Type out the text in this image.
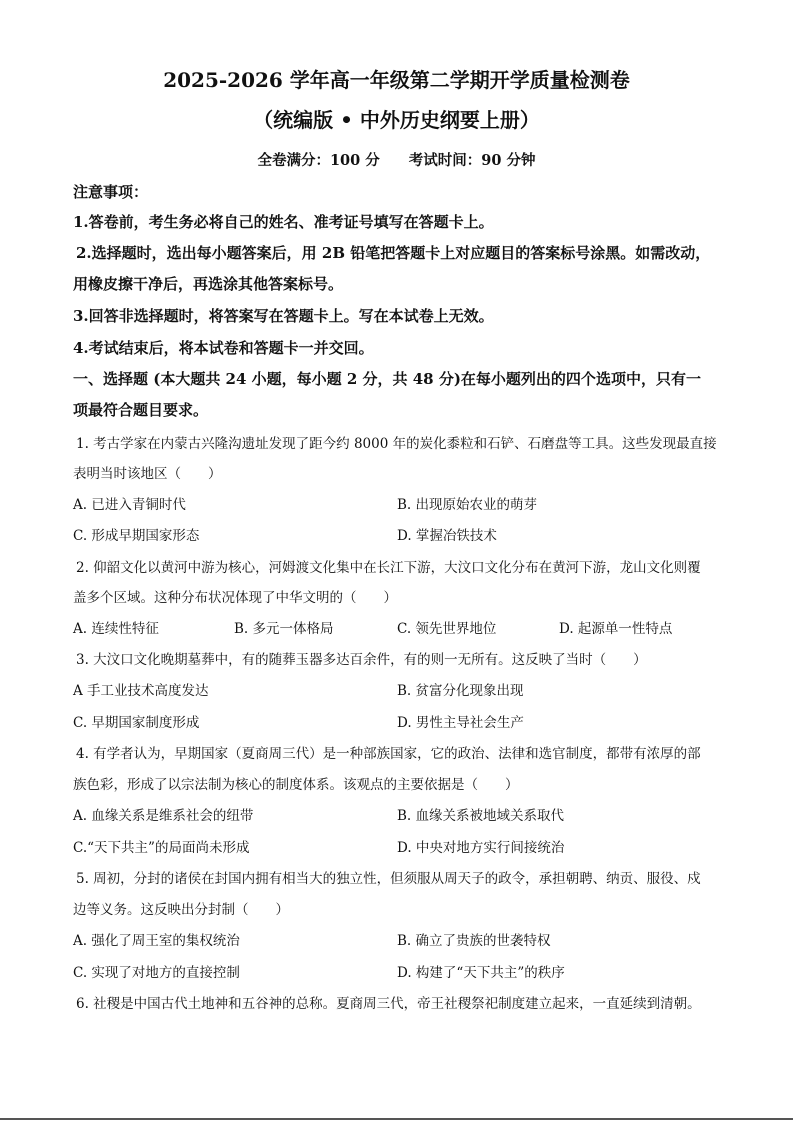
2025-2026 学年高一年级第二学期开学质量检测卷
（统编版 • 中外历史纲要上册）
全卷满分：100 分　　考试时间：90 分钟
注意事项：
1.答卷前，考生务必将自己的姓名、准考证号填写在答题卡上。
2.选择题时，选出每小题答案后，用 2B 铅笔把答题卡上对应题目的答案标号涂黑。如需改动，
用橡皮擦干净后，再选涂其他答案标号。
3.回答非选择题时，将答案写在答题卡上。写在本试卷上无效。
4.考试结束后，将本试卷和答题卡一并交回。
一、选择题 (本大题共 24 小题，每小题 2 分，共 48 分)在每小题列出的四个选项中，只有一
项最符合题目要求。
1. 考古学家在内蒙古兴隆沟遗址发现了距今约 8000 年的炭化黍粒和石铲、石磨盘等工具。这些发现最直接
表明当时该地区（　　）
A. 已进入青铜时代	B. 出现原始农业的萌芽
C. 形成早期国家形态	D. 掌握冶铁技术
2. 仰韶文化以黄河中游为核心，河姆渡文化集中在长江下游，大汶口文化分布在黄河下游，龙山文化则覆
盖多个区域。这种分布状况体现了中华文明的（　　）
A. 连续性特征	B. 多元一体格局	C. 领先世界地位	D. 起源单一性特点
3. 大汶口文化晚期墓葬中，有的随葬玉器多达百余件，有的则一无所有。这反映了当时（　　）
A 手工业技术高度发达	B. 贫富分化现象出现
C. 早期国家制度形成	D. 男性主导社会生产
4. 有学者认为，早期国家（夏商周三代）是一种部族国家，它的政治、法律和选官制度，都带有浓厚的部
族色彩，形成了以宗法制为核心的制度体系。该观点的主要依据是（　　）
A. 血缘关系是维系社会的纽带	B. 血缘关系被地域关系取代
C.“天下共主”的局面尚未形成	D. 中央对地方实行间接统治
5. 周初，分封的诸侯在封国内拥有相当大的独立性，但须服从周天子的政令，承担朝聘、纳贡、服役、戍
边等义务。这反映出分封制（　　）
A. 强化了周王室的集权统治	B. 确立了贵族的世袭特权
C. 实现了对地方的直接控制	D. 构建了“天下共主”的秩序
6. 社稷是中国古代土地神和五谷神的总称。夏商周三代，帝王社稷祭祀制度建立起来，一直延续到清朝。
